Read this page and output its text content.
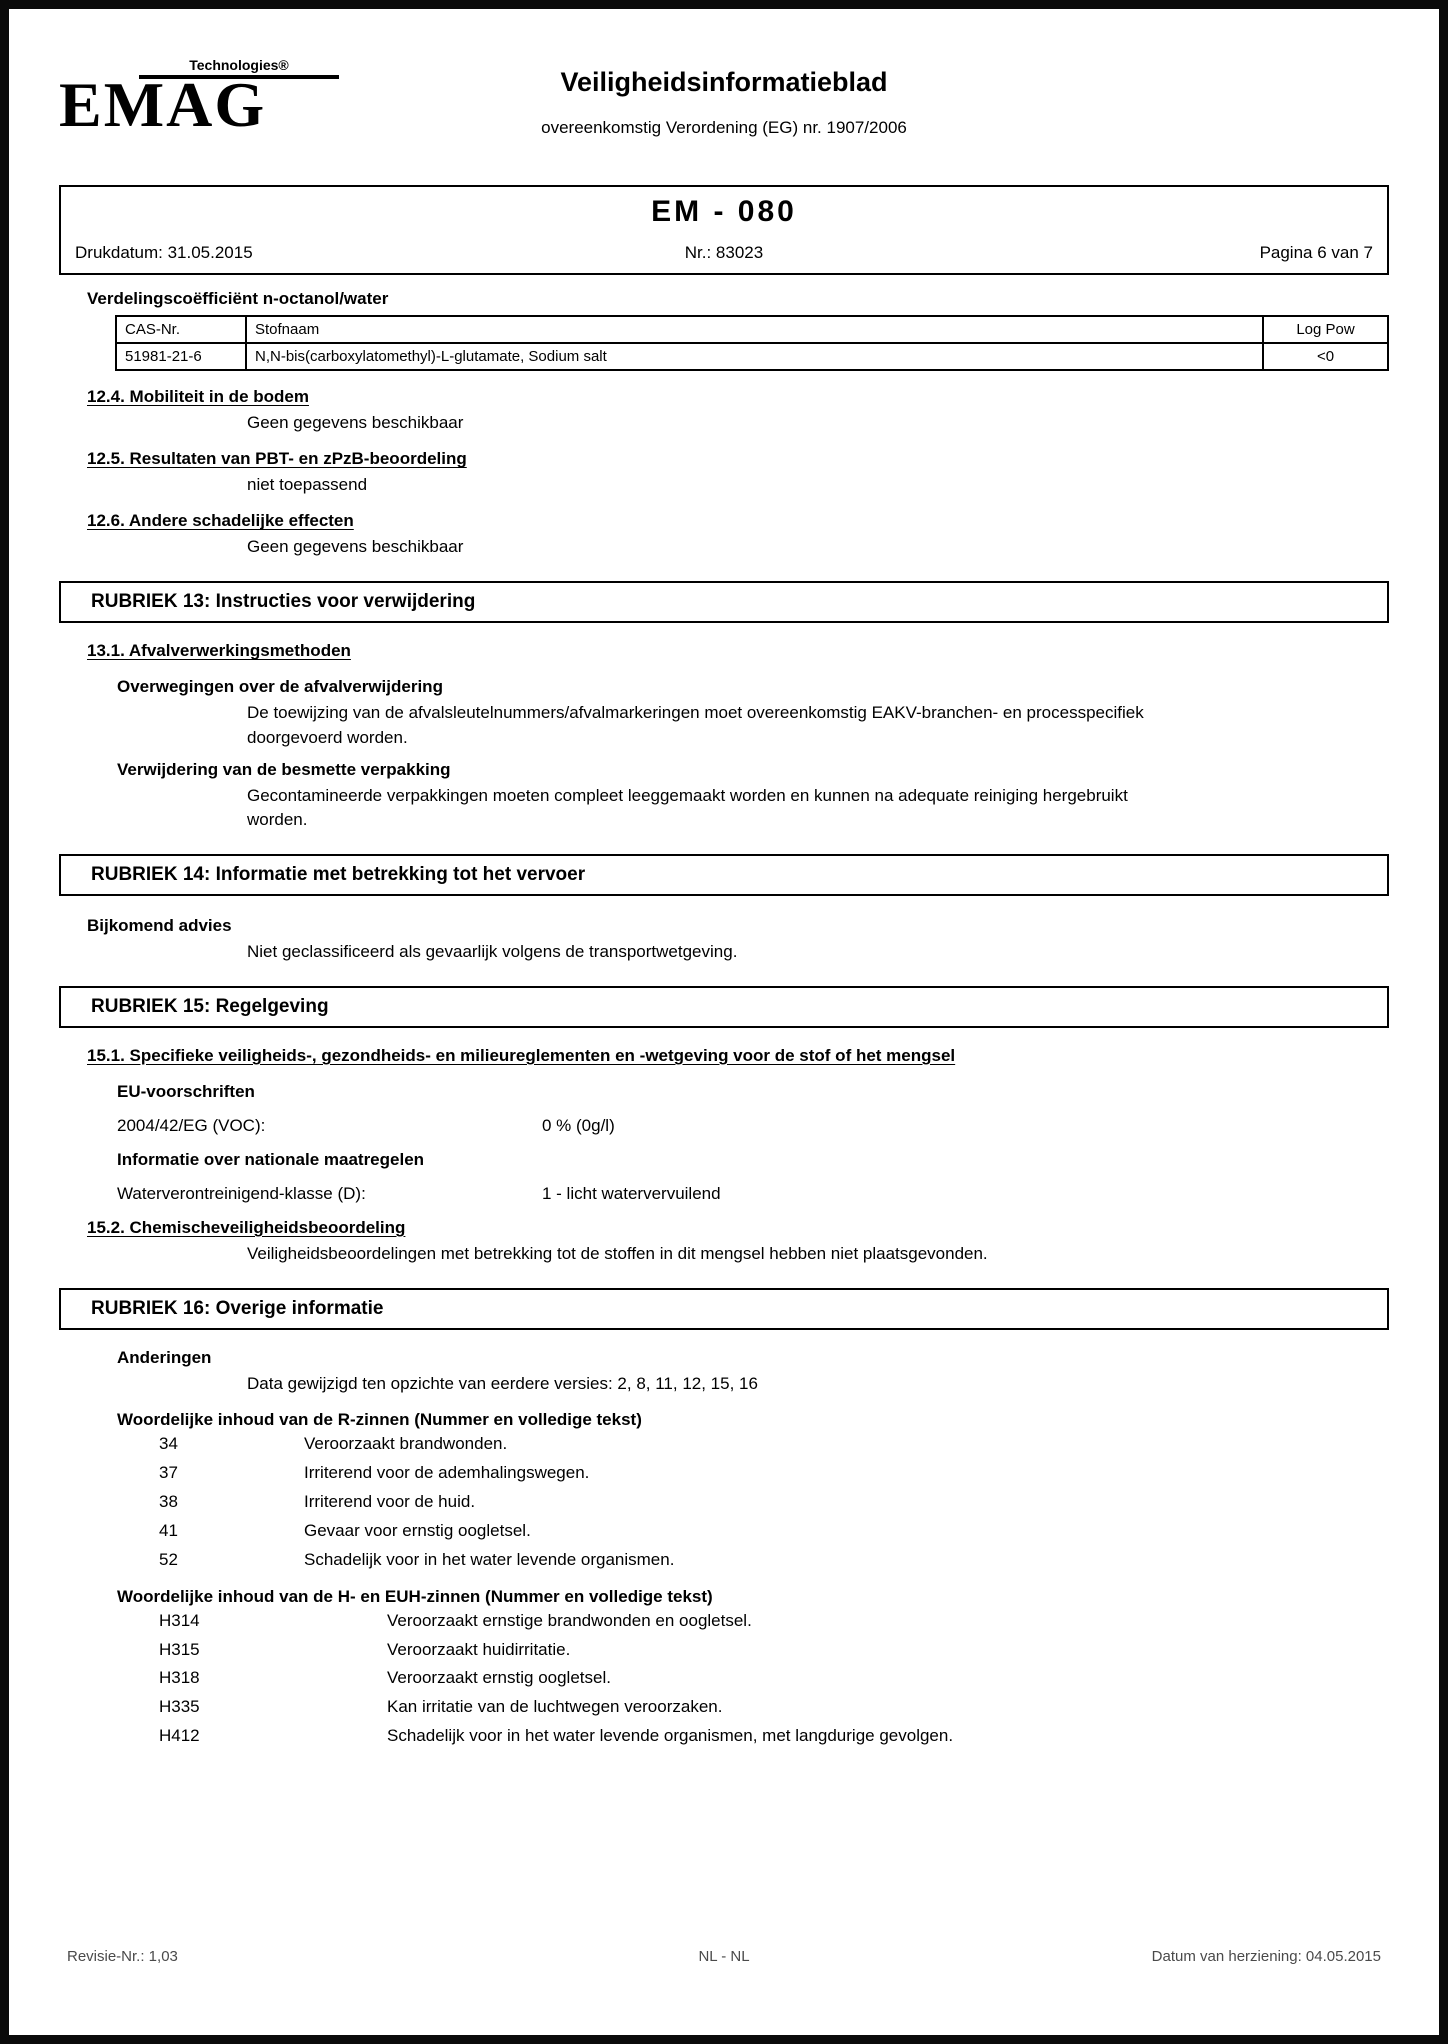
Technologies®
EMAG	Veiligheidsinformatieblad
overeenkomstig Verordening (EG) nr. 1907/2006
EM - 080
Drukdatum: 31.05.2015	Nr.: 83023	Pagina 6 van 7
Verdelingscoëfficiënt n-octanol/water
CAS-Nr.	Stofnaam	Log Pow
51981-21-6	N,N-bis(carboxylatomethyl)-L-glutamate, Sodium salt	<0
12.4. Mobiliteit in de bodem
Geen gegevens beschikbaar
12.5. Resultaten van PBT- en zPzB-beoordeling
niet toepassend
12.6. Andere schadelijke effecten
Geen gegevens beschikbaar
RUBRIEK 13: Instructies voor verwijdering
13.1. Afvalverwerkingsmethoden
Overwegingen over de afvalverwijdering
De toewijzing van de afvalsleutelnummers/afvalmarkeringen moet overeenkomstig EAKV-branchen- en processpecifiek doorgevoerd worden.
Verwijdering van de besmette verpakking
Gecontamineerde verpakkingen moeten compleet leeggemaakt worden en kunnen na adequate reiniging hergebruikt worden.
RUBRIEK 14: Informatie met betrekking tot het vervoer
Bijkomend advies
Niet geclassificeerd als gevaarlijk volgens de transportwetgeving.
RUBRIEK 15: Regelgeving
15.1. Specifieke veiligheids-, gezondheids- en milieureglementen en -wetgeving voor de stof of het mengsel
EU-voorschriften
2004/42/EG (VOC):	0 % (0g/l)
Informatie over nationale maatregelen
Waterverontreinigend-klasse (D):	1 - licht watervervuilend
15.2. Chemischeveiligheidsbeoordeling
Veiligheidsbeoordelingen met betrekking tot de stoffen in dit mengsel hebben niet plaatsgevonden.
RUBRIEK 16: Overige informatie
Anderingen
Data gewijzigd ten opzichte van eerdere versies: 2, 8, 11, 12, 15, 16
Woordelijke inhoud van de R-zinnen (Nummer en volledige tekst)
34	Veroorzaakt brandwonden.
37	Irriterend voor de ademhalingswegen.
38	Irriterend voor de huid.
41	Gevaar voor ernstig oogletsel.
52	Schadelijk voor in het water levende organismen.
Woordelijke inhoud van de H- en EUH-zinnen (Nummer en volledige tekst)
H314	Veroorzaakt ernstige brandwonden en oogletsel.
H315	Veroorzaakt huidirritatie.
H318	Veroorzaakt ernstig oogletsel.
H335	Kan irritatie van de luchtwegen veroorzaken.
H412	Schadelijk voor in het water levende organismen, met langdurige gevolgen.
Revisie-Nr.: 1,03	NL - NL	Datum van herziening: 04.05.2015
